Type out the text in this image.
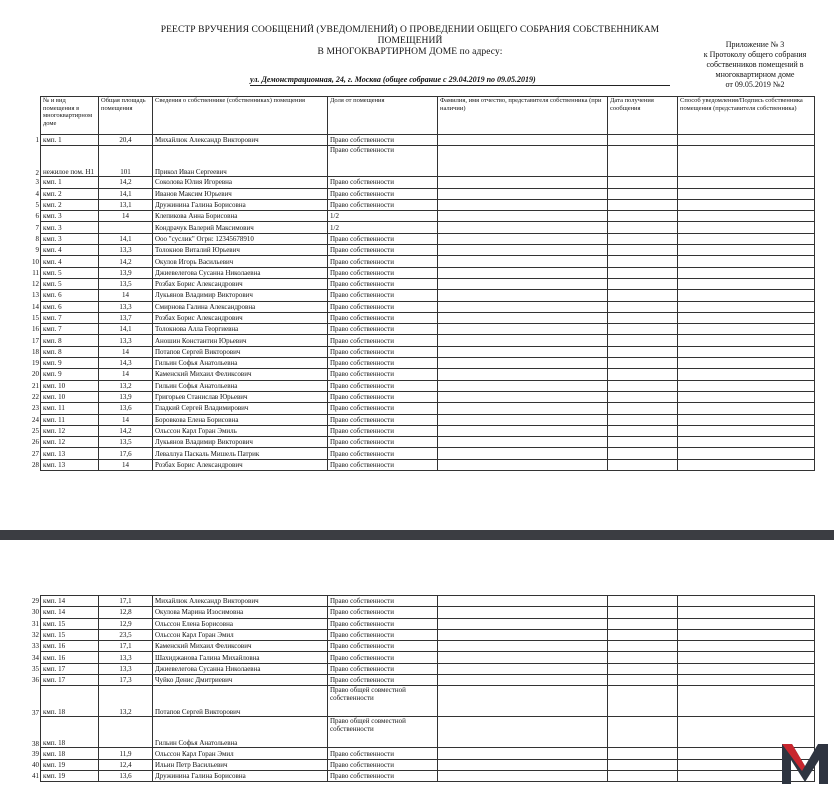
РЕЕСТР ВРУЧЕНИЯ СООБЩЕНИЙ (УВЕДОМЛЕНИЙ) О ПРОВЕДЕНИИ ОБЩЕГО СОБРАНИЯ СОБСТВЕННИКАМ ПОМЕЩЕНИЙ
В МНОГОКВАРТИРНОМ ДОМЕ по адресу:
Приложение № 3
к Протоколу общего собрания
собственников помещений в
многоквартирном доме
от 09.05.2019 №2
ул. Демонстрационная, 24, г. Москва (общее собрание с 29.04.2019 по 09.05.2019)
	№ и вид помещения в многоквартирном доме	Общая площадь помещения	Сведения о собственнике (собственниках) помещения	Доля от помещения	Фамилия, имя отчество, представителя собственника (при наличии)	Дата получения сообщения	Способ уведомления/Подпись собственника помещения (представителя собственника)
1	кмп. 1	20,4	Михайлюк Александр Викторович	Право собственности			
2	нежилое пом. Н1	101	Прикол Иван Сергеевич	Право собственности			
3	кмп. 1	14,2	Соколова Юлия Игоревна	Право собственности			
4	кмп. 2	14,1	Иванов Максим Юрьевич	Право собственности			
5	кмп. 2	13,1	Дружинина Галина Борисовна	Право собственности			
6	кмп. 3	14	Клепикова Анна Борисовна	1/2			
7	кмп. 3		Кондрачук Валерий Максимович	1/2			
8	кмп. 3	14,1	Ооо "суслик" Огрн: 12345678910	Право собственности			
9	кмп. 4	13,3	Толокнов Виталий Юрьевич	Право собственности			
10	кмп. 4	14,2	Окулов Игорь Васильевич	Право собственности			
11	кмп. 5	13,9	Джиевелегова Сусанна Николаевна	Право собственности			
12	кмп. 5	13,5	Розбах Борис Александрович	Право собственности			
13	кмп. 6	14	Лукьянов Владимир Викторович	Право собственности			
14	кмп. 6	13,3	Смирнова Галина Александровна	Право собственности			
15	кмп. 7	13,7	Розбах Борис Александрович	Право собственности			
16	кмп. 7	14,1	Толокнова Алла Георгиевна	Право собственности			
17	кмп. 8	13,3	Аношин Константин Юрьевич	Право собственности			
18	кмп. 8	14	Потапов Сергей Викторович	Право собственности			
19	кмп. 9	14,3	Гильин Софья Анатольевна	Право собственности			
20	кмп. 9	14	Каменский Михаил Феликсович	Право собственности			
21	кмп. 10	13,2	Гильин Софья Анатольевна	Право собственности			
22	кмп. 10	13,9	Григорьев Станислав Юрьевич	Право собственности			
23	кмп. 11	13,6	Гладкий Сергей Владимирович	Право собственности			
24	кмп. 11	14	Боровкова Елена Борисовна	Право собственности			
25	кмп. 12	14,2	Ольссон Карл Горан Эмиль	Право собственности			
26	кмп. 12	13,5	Лукьянов Владимир Викторович	Право собственности			
27	кмп. 13	17,6	Леваллуа Паскаль Мишель Патрик	Право собственности			
28	кмп. 13	14	Розбах Борис Александрович	Право собственности			
29	кмп. 14	17,1	Михайлюк Александр Викторович	Право собственности			
30	кмп. 14	12,8	Окулова Марина Изосимовна	Право собственности			
31	кмп. 15	12,9	Ольссон Елена Борисовна	Право собственности			
32	кмп. 15	23,5	Ольссон Карл Горан Эмил	Право собственности			
33	кмп. 16	17,1	Каменский Михаил Феликсович	Право собственности			
34	кмп. 16	13,3	Шахиджанова Галина Михайловна	Право собственности			
35	кмп. 17	13,3	Джиевелегова Сусанна Николаевна	Право собственности			
36	кмп. 17	17,3	Чуйко Денис Дмитриевич	Право собственности			
37	кмп. 18	13,2	Потапов Сергей Викторович	Право общей совместной собственности			
38	кмп. 18		Гильин Софья Анатольевна	Право общей совместной собственности			
39	кмп. 18	11,9	Ольссон Карл Горан Эмил	Право собственности			
40	кмп. 19	12,4	Ильин Петр Васильевич	Право собственности			
41	кмп. 19	13,6	Дружинина Галина Борисовна	Право собственности			
